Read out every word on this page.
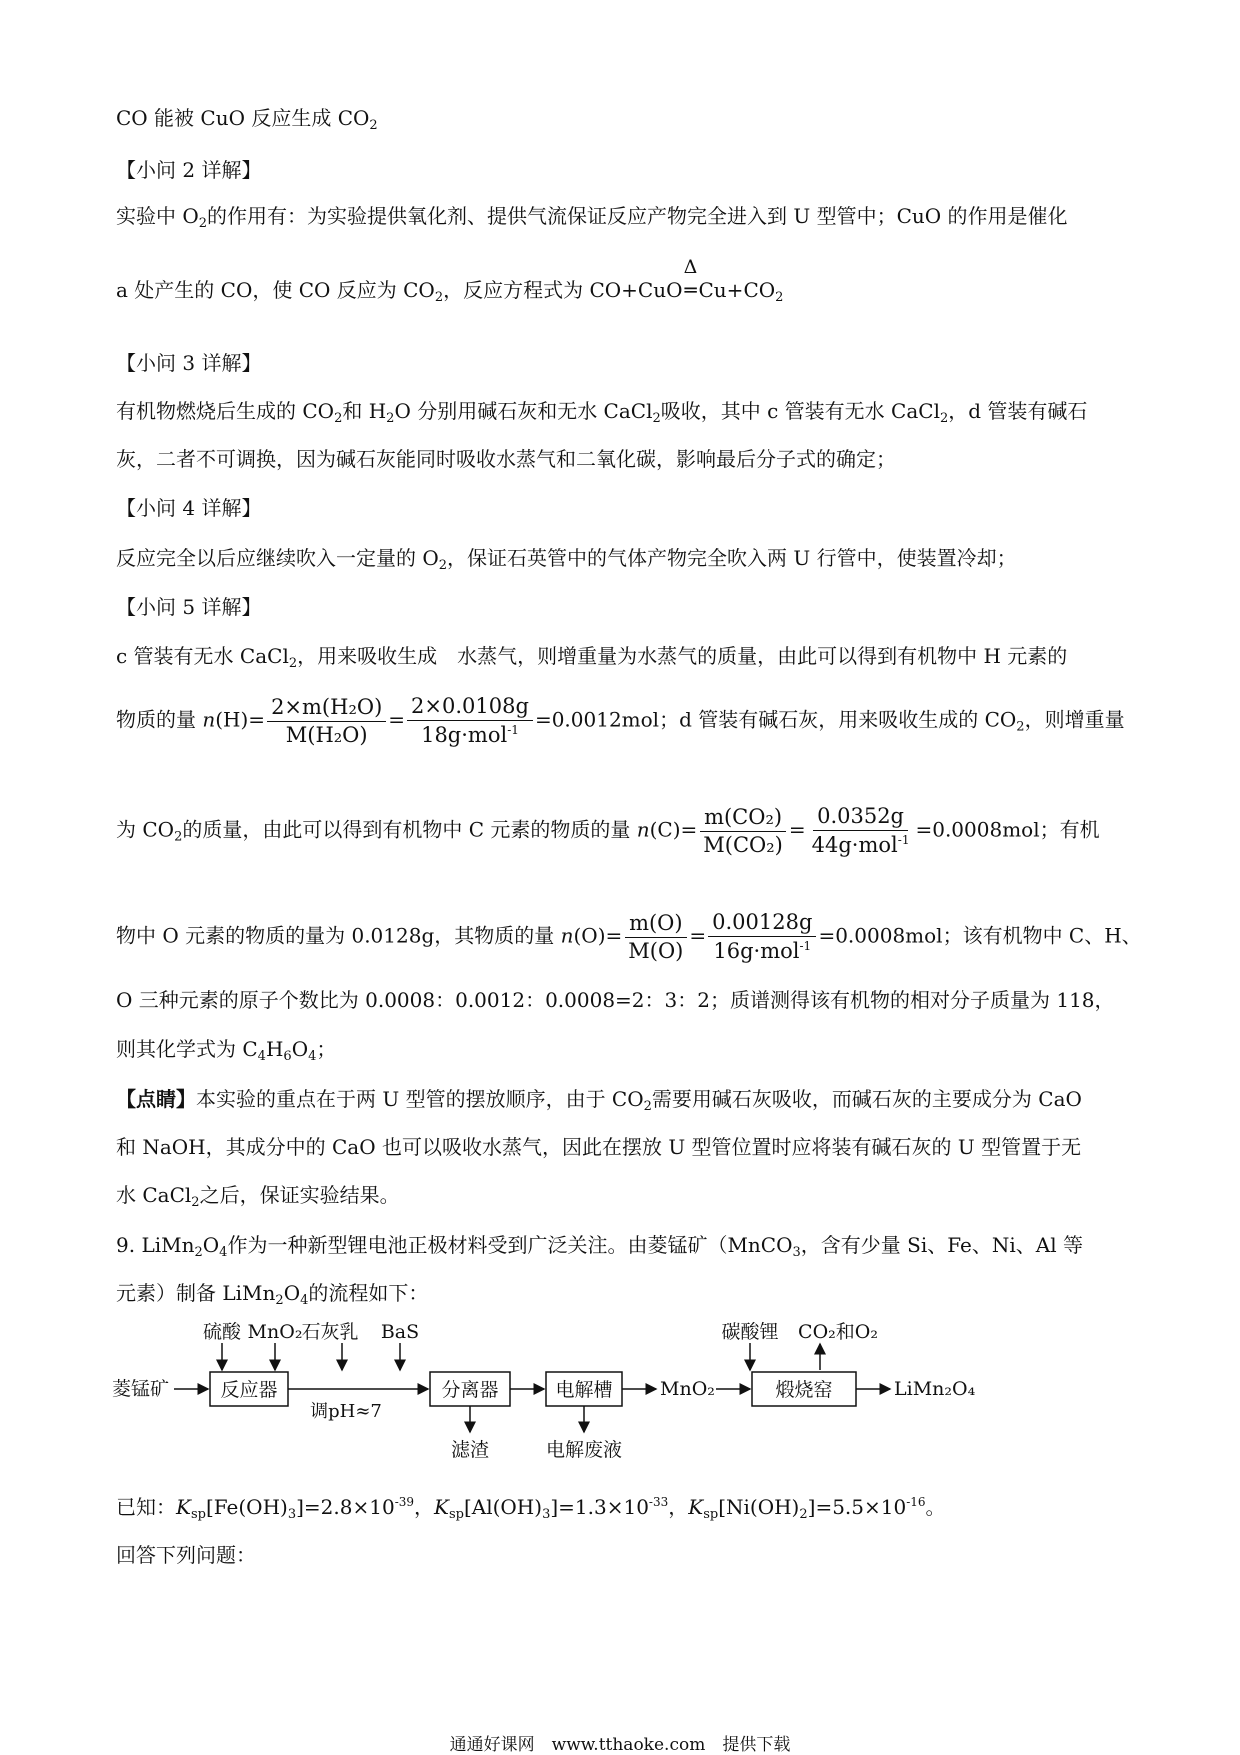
CO 能被 CuO 反应生成 $CO_2$
【小问 2 详解】
实验中 $O_2$的作用有：为实验提供氧化剂、提供气流保证反应产物完全进入到 U 型管中；CuO 的作用是催化
a 处产生的 CO，使 CO 反应为 $CO_2$，反应方程式为 CO+CuO
Δ
$═Cu+CO_2$
【小问 3 详解】
有机物燃烧后生成的 $CO_2$和 $H_2O$ 分别用碱石灰和无水 CaCl$_2$吸收，其中 c 管装有无水 CaCl$_2$，d 管装有碱石
灰，二者不可调换，因为碱石灰能同时吸收水蒸气和二氧化碳，影响最后分子式的确定；
【小问 4 详解】
反应完全以后应继续吹入一定量的 $O_2$，保证石英管中的气体产物完全吹入两 U 行管中，使装置冷却；
【小问 5 详解】
c 管装有无水 CaCl$_2$，用来吸收生成　水蒸气，则增重量为水蒸气的质量，由此可以得到有机物中 H 元素的
物质的量 $n(H)= \frac{\text{2×m(H₂O)}}{\text{M(H₂O)}} = \frac{2\times 0.0108g}{18g\cdot mol^{-1}} =0.0012mol$；d 管装有碱石灰，用来吸收生成的 $CO_2$，则增重量
为 $CO_2$的质量，由此可以得到有机物中 C 元素的物质的量 $n(C)= \frac{\text{m(CO₂)}}{\text{M(CO₂)}} = \frac{0.0352g}{44g\cdot mol^{-1}} =0.0008mol$；有机
物中 O 元素的物质的量为 0.0128g，其物质的量 $n(O)= \frac{m(O)}{M(O)} = \frac{0.00128g}{16g\cdot mol^{-1}} =0.0008mol$；该有机物中 C、H、
O 三种元素的原子个数比为 0.0008：0.0012：0.0008=2：3：2；质谱测得该有机物的相对分子质量为 118，
则其化学式为 $C_4H_6O_4$；
【点睛】本实验的重点在于两 U 型管的摆放顺序，由于 $CO_2$需要用碱石灰吸收，而碱石灰的主要成分为 CaO
和 NaOH，其成分中的 CaO 也可以吸收水蒸气，因此在摆放 U 型管位置时应将装有碱石灰的 U 型管置于无
水 CaCl$_2$之后，保证实验结果。
9. $LiMn_2O_4$作为一种新型锂电池正极材料受到广泛关注。由菱锰矿（MnCO$_3$，含有少量 Si、Fe、Ni、Al 等
元素）制备 $LiMn_2O_4$的流程如下：
菱锰矿	反应器
硫酸 MnO₂ 石灰乳 BaS
调pH≈7
分离器
滤渣
电解槽
电解废液
MnO₂	煅烧窑
碳酸锂 CO₂和O₂
LiMn₂O₄
已知：$K_{sp}[Fe(OH)_3]=2.8\times 10^{-39}$，$K_{sp}[Al(OH)_3]=1.3\times 10^{-33}$，$K_{sp}[Ni(OH)_2]=5.5\times 10^{-16}$。
回答下列问题：
通通好课网　www.tthaoke.com　提供下载
